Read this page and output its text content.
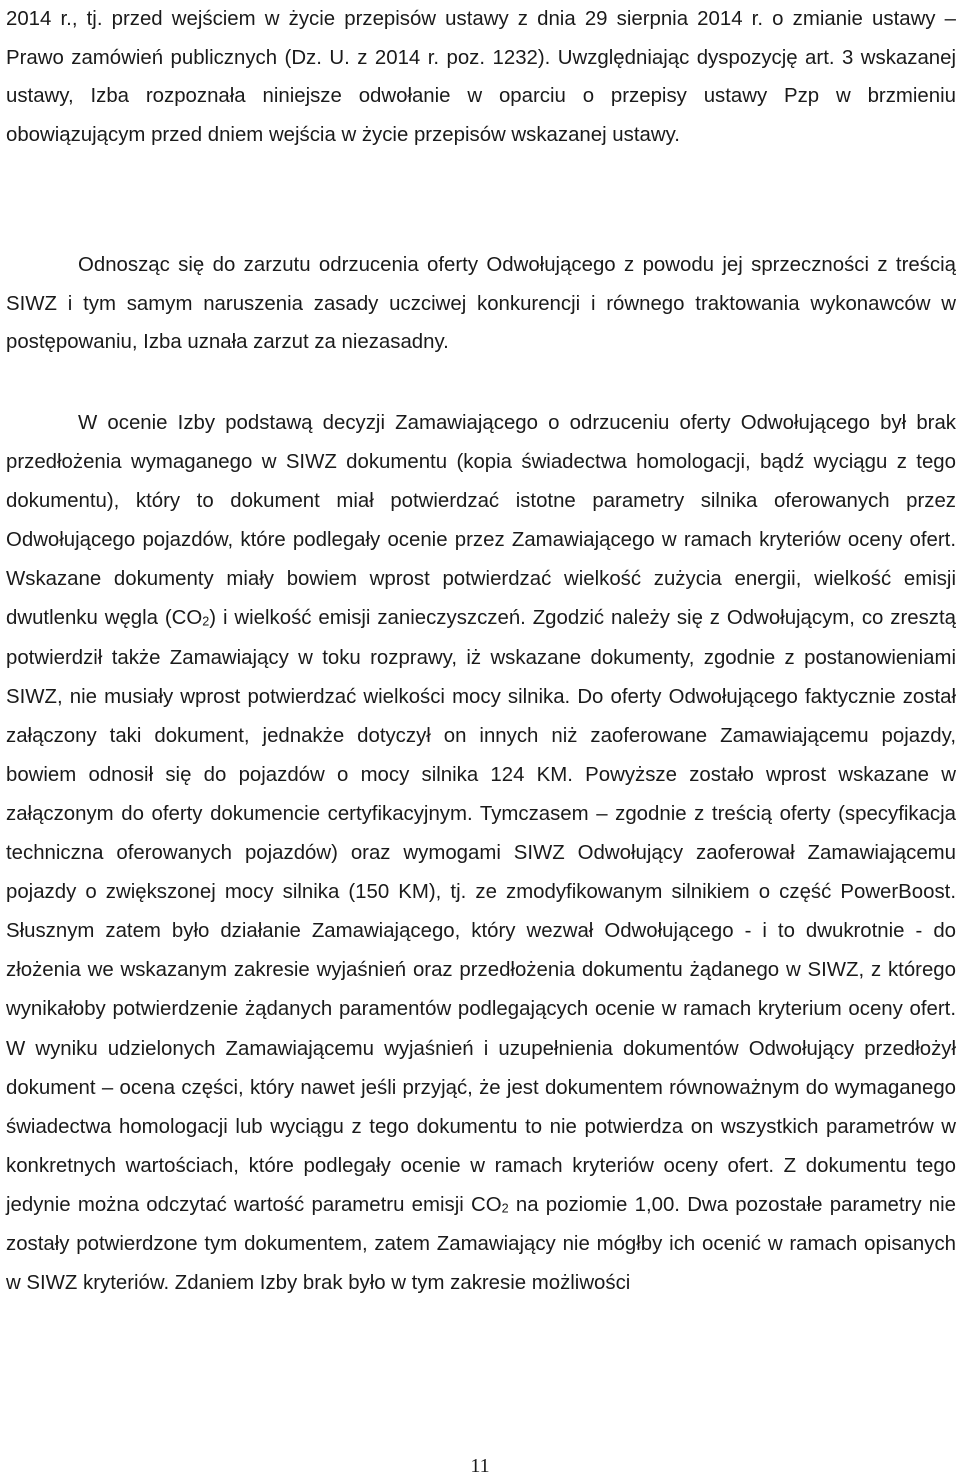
2014 r., tj. przed wejściem w życie przepisów ustawy z dnia 29 sierpnia 2014 r. o zmianie ustawy – Prawo zamówień publicznych (Dz. U. z 2014 r. poz. 1232). Uwzględniając dyspozycję art. 3 wskazanej ustawy, Izba rozpoznała niniejsze odwołanie w oparciu o przepisy ustawy Pzp w brzmieniu obowiązującym przed dniem wejścia w życie przepisów wskazanej ustawy.

Odnosząc się do zarzutu odrzucenia oferty Odwołującego z powodu jej sprzeczności z treścią SIWZ i tym samym naruszenia zasady uczciwej konkurencji i równego traktowania wykonawców w postępowaniu, Izba uznała zarzut za niezasadny.

W ocenie Izby podstawą decyzji Zamawiającego o odrzuceniu oferty Odwołującego był brak przedłożenia wymaganego w SIWZ dokumentu (kopia świadectwa homologacji, bądź wyciągu z tego dokumentu), który to dokument miał potwierdzać istotne parametry silnika oferowanych przez Odwołującego pojazdów, które podlegały ocenie przez Zamawiającego w ramach kryteriów oceny ofert. Wskazane dokumenty miały bowiem wprost potwierdzać wielkość zużycia energii, wielkość emisji dwutlenku węgla $(CO_2)$ i wielkość emisji zanieczyszczeń. Zgodzić należy się z Odwołującym, co zresztą potwierdził także Zamawiający w toku rozprawy, iż wskazane dokumenty, zgodnie z postanowieniami SIWZ, nie musiały wprost potwierdzać wielkości mocy silnika. Do oferty Odwołującego faktycznie został załączony taki dokument, jednakże dotyczył on innych niż zaoferowane Zamawiającemu pojazdy, bowiem odnosił się do pojazdów o mocy silnika 124 KM. Powyższe zostało wprost wskazane w załączonym do oferty dokumencie certyfikacyjnym. Tymczasem – zgodnie z treścią oferty (specyfikacja techniczna oferowanych pojazdów) oraz wymogami SIWZ Odwołujący zaoferował Zamawiającemu pojazdy o zwiększonej mocy silnika (150 KM), tj. ze zmodyfikowanym silnikiem o część PowerBoost. Słusznym zatem było działanie Zamawiającego, który wezwał Odwołującego - i to dwukrotnie - do złożenia we wskazanym zakresie wyjaśnień oraz przedłożenia dokumentu żądanego w SIWZ, z którego wynikałoby potwierdzenie żądanych paramentów podlegających ocenie w ramach kryterium oceny ofert. W wyniku udzielonych Zamawiającemu wyjaśnień i uzupełnienia dokumentów Odwołujący przedłożył dokument – ocena części, który nawet jeśli przyjąć, że jest dokumentem równoważnym do wymaganego świadectwa homologacji lub wyciągu z tego dokumentu to nie potwierdza on wszystkich parametrów w konkretnych wartościach, które podlegały ocenie w ramach kryteriów oceny ofert. Z dokumentu tego jedynie można odczytać wartość parametru emisji $CO_2$ na poziomie 1,00. Dwa pozostałe parametry nie zostały potwierdzone tym dokumentem, zatem Zamawiający nie mógłby ich ocenić w ramach opisanych w SIWZ kryteriów. Zdaniem Izby brak było w tym zakresie możliwości

11
